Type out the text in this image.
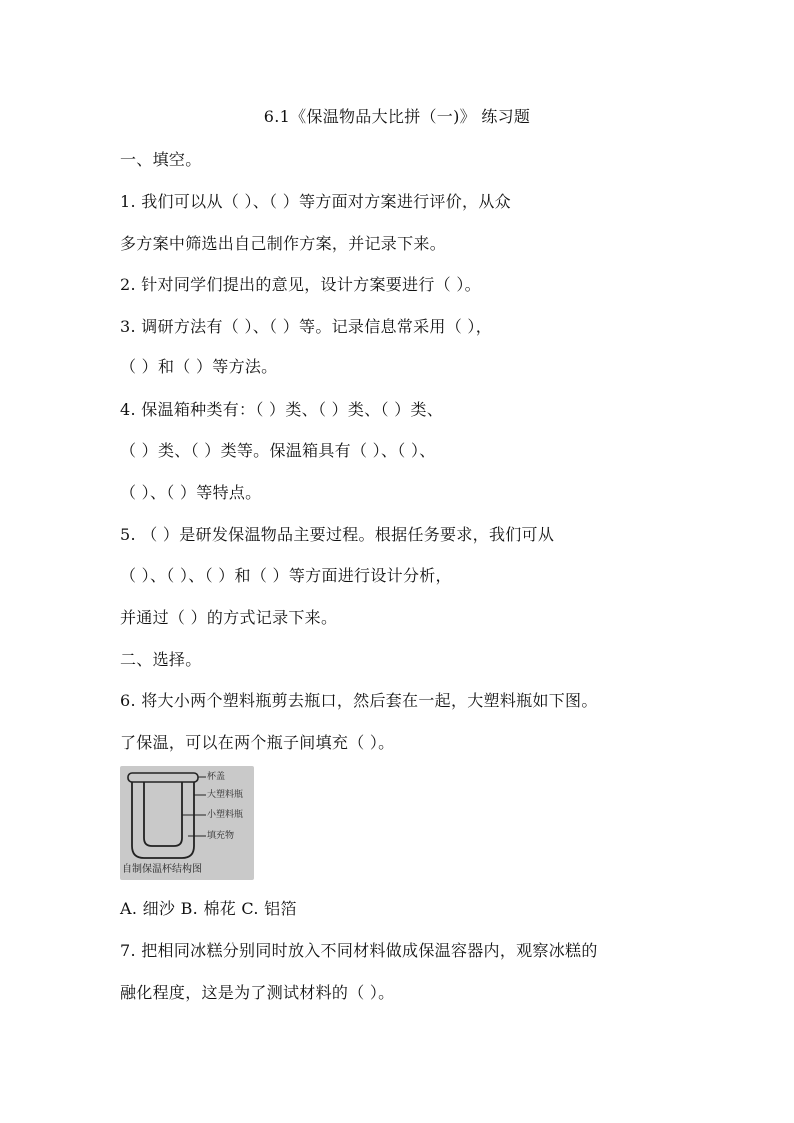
6.1《保温物品大比拼（一)》 练习题
一、填空。
1. 我们可以从（ ）、（ ）等方面对方案进行评价，从众
多方案中筛选出自己制作方案，并记录下来。
2. 针对同学们提出的意见，设计方案要进行（ ）。
3. 调研方法有（ ）、（ ）等。记录信息常采用（ ），
（ ）和（ ）等方法。
4. 保温箱种类有：（ ）类、（ ）类、（ ）类、
（ ）类、（ ）类等。保温箱具有（ ）、（ ）、
（ ）、（ ）等特点。
5. （ ）是研发保温物品主要过程。根据任务要求，我们可从
（ ）、（ ）、（ ）和（ ）等方面进行设计分析，
并通过（ ）的方式记录下来。
二、选择。
6. 将大小两个塑料瓶剪去瓶口，然后套在一起，大塑料瓶如下图。
了保温，可以在两个瓶子间填充（ ）。
杯盖
大塑料瓶
小塑料瓶
填充物
自制保温杯结构图
A. 细沙 B. 棉花 C. 铝箔
7. 把相同冰糕分别同时放入不同材料做成保温容器内，观察冰糕的
融化程度，这是为了测试材料的（ ）。
